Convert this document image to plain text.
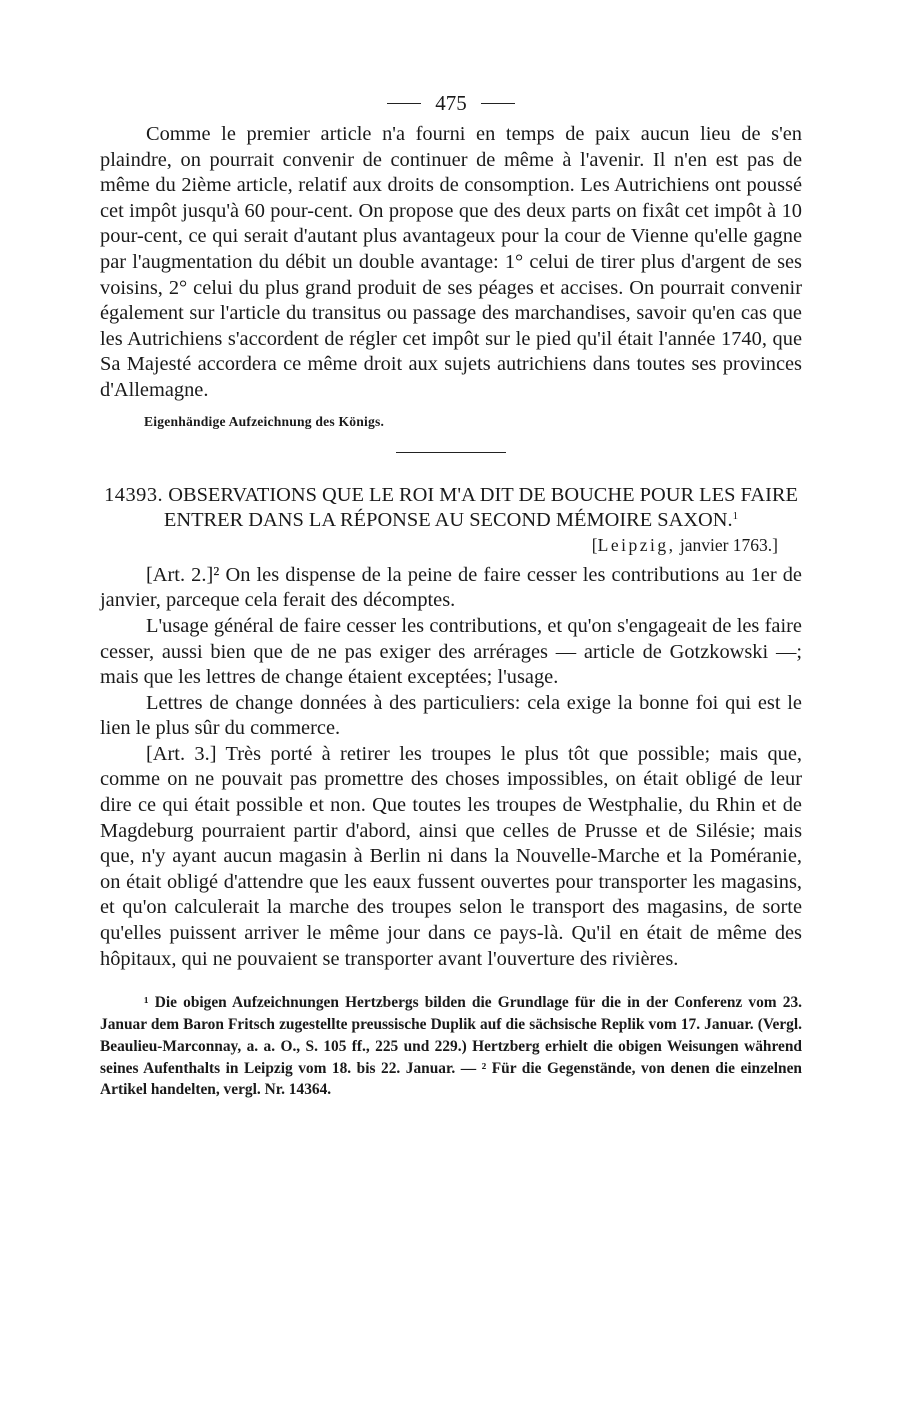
475

Comme le premier article n'a fourni en temps de paix aucun lieu de s'en plaindre, on pourrait convenir de continuer de même à l'avenir. Il n'en est pas de même du 2ième article, relatif aux droits de consomption. Les Autrichiens ont poussé cet impôt jusqu'à 60 pour-cent. On propose que des deux parts on fixât cet impôt à 10 pour-cent, ce qui serait d'autant plus avantageux pour la cour de Vienne qu'elle gagne par l'augmentation du débit un double avantage: 1° celui de tirer plus d'argent de ses voisins, 2° celui du plus grand produit de ses péages et accises. On pourrait convenir également sur l'article du transitus ou passage des marchandises, savoir qu'en cas que les Autrichiens s'accordent de régler cet impôt sur le pied qu'il était l'année 1740, que Sa Majesté accordera ce même droit aux sujets autrichiens dans toutes ses provinces d'Allemagne.

Eigenhändige Aufzeichnung des Königs.
14393. OBSERVATIONS QUE LE ROI M'A DIT DE BOUCHE POUR LES FAIRE ENTRER DANS LA RÉPONSE AU SECOND MÉMOIRE SAXON.$^1$
[Leipzig, janvier 1763.]

[Art. 2.]² On les dispense de la peine de faire cesser les contributions au 1er de janvier, parceque cela ferait des décomptes.

L'usage général de faire cesser les contributions, et qu'on s'engageait de les faire cesser, aussi bien que de ne pas exiger des arrérages — article de Gotzkowski —; mais que les lettres de change étaient exceptées; l'usage.

Lettres de change données à des particuliers: cela exige la bonne foi qui est le lien le plus sûr du commerce.

[Art. 3.] Très porté à retirer les troupes le plus tôt que possible; mais que, comme on ne pouvait pas promettre des choses impossibles, on était obligé de leur dire ce qui était possible et non. Que toutes les troupes de Westphalie, du Rhin et de Magdeburg pourraient partir d'abord, ainsi que celles de Prusse et de Silésie; mais que, n'y ayant aucun magasin à Berlin ni dans la Nouvelle-Marche et la Poméranie, on était obligé d'attendre que les eaux fussent ouvertes pour transporter les magasins, et qu'on calculerait la marche des troupes selon le transport des magasins, de sorte qu'elles puissent arriver le même jour dans ce pays-là. Qu'il en était de même des hôpitaux, qui ne pouvaient se transporter avant l'ouverture des rivières.

¹ Die obigen Aufzeichnungen Hertzbergs bilden die Grundlage für die in der Conferenz vom 23. Januar dem Baron Fritsch zugestellte preussische Duplik auf die sächsische Replik vom 17. Januar. (Vergl. Beaulieu-Marconnay, a. a. O., S. 105 ff., 225 und 229.) Hertzberg erhielt die obigen Weisungen während seines Aufenthalts in Leipzig vom 18. bis 22. Januar. — ² Für die Gegenstände, von denen die einzelnen Artikel handelten, vergl. Nr. 14364.
